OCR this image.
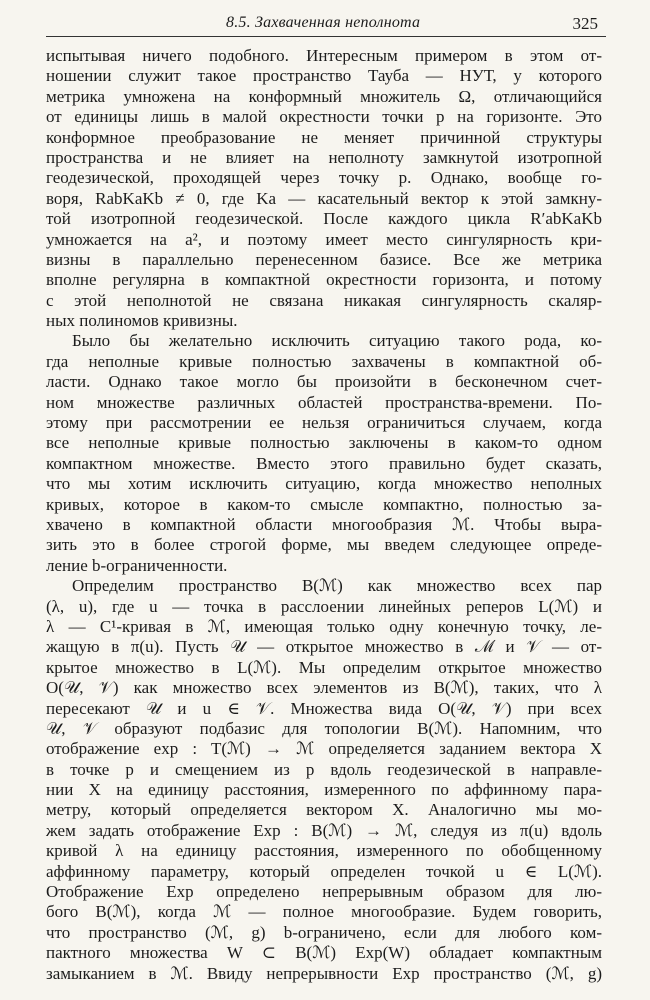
8.5. Захваченная неполнота	325
испытывая ничего подобного. Интересным примером в этом от-
ношении служит такое пространство Тауба — НУТ, у которого
метрика умножена на конформный множитель Ω, отличающийся
от единицы лишь в малой окрестности точки p на горизонте. Это
конформное преобразование не меняет причинной структуры
пространства и не влияет на неполноту замкнутой изотропной
геодезической, проходящей через точку p. Однако, вообще го-
воря, RabKaKb ≠ 0, где Ka — касательный вектор к этой замкну-
той изотропной геодезической. После каждого цикла R′abKaKb
умножается на a², и поэтому имеет место сингулярность кри-
визны в параллельно перенесенном базисе. Все же метрика
вполне регулярна в компактной окрестности горизонта, и потому
с этой неполнотой не связана никакая сингулярность скаляр-
ных полиномов кривизны.
Было бы желательно исключить ситуацию такого рода, ко-
гда неполные кривые полностью захвачены в компактной об-
ласти. Однако такое могло бы произойти в бесконечном счет-
ном множестве различных областей пространства-времени. По-
этому при рассмотрении ее нельзя ограничиться случаем, когда
все неполные кривые полностью заключены в каком-то одном
компактном множестве. Вместо этого правильно будет сказать,
что мы хотим исключить ситуацию, когда множество неполных
кривых, которое в каком-то смысле компактно, полностью за-
хвачено в компактной области многообразия ℳ. Чтобы выра-
зить это в более строгой форме, мы введем следующее опреде-
ление b-ограниченности.
Определим пространство B(ℳ) как множество всех пар
(λ, u), где u — точка в расслоении линейных реперов L(ℳ) и
λ — C¹-кривая в ℳ, имеющая только одну конечную точку, ле-
жащую в π(u). Пусть 𝒰 — открытое множество в ℳ и 𝒱 — от-
крытое множество в L(ℳ). Мы определим открытое множество
O(𝒰, 𝒱) как множество всех элементов из B(ℳ), таких, что λ
пересекают 𝒰 и u ∈ 𝒱. Множества вида O(𝒰, 𝒱) при всех
𝒰, 𝒱 образуют подбазис для топологии B(ℳ). Напомним, что
отображение exp : T(ℳ) → ℳ определяется заданием вектора X
в точке p и смещением из p вдоль геодезической в направле-
нии X на единицу расстояния, измеренного по аффинному пара-
метру, который определяется вектором X. Аналогично мы мо-
жем задать отображение Exp : B(ℳ) → ℳ, следуя из π(u) вдоль
кривой λ на единицу расстояния, измеренного по обобщенному
аффинному параметру, который определен точкой u ∈ L(ℳ).
Отображение Exp определено непрерывным образом для лю-
бого B(ℳ), когда ℳ — полное многообразие. Будем говорить,
что пространство (ℳ, g) b-ограничено, если для любого ком-
пактного множества W ⊂ B(ℳ) Exp(W) обладает компактным
замыканием в ℳ. Ввиду непрерывности Exp пространство (ℳ, g)
